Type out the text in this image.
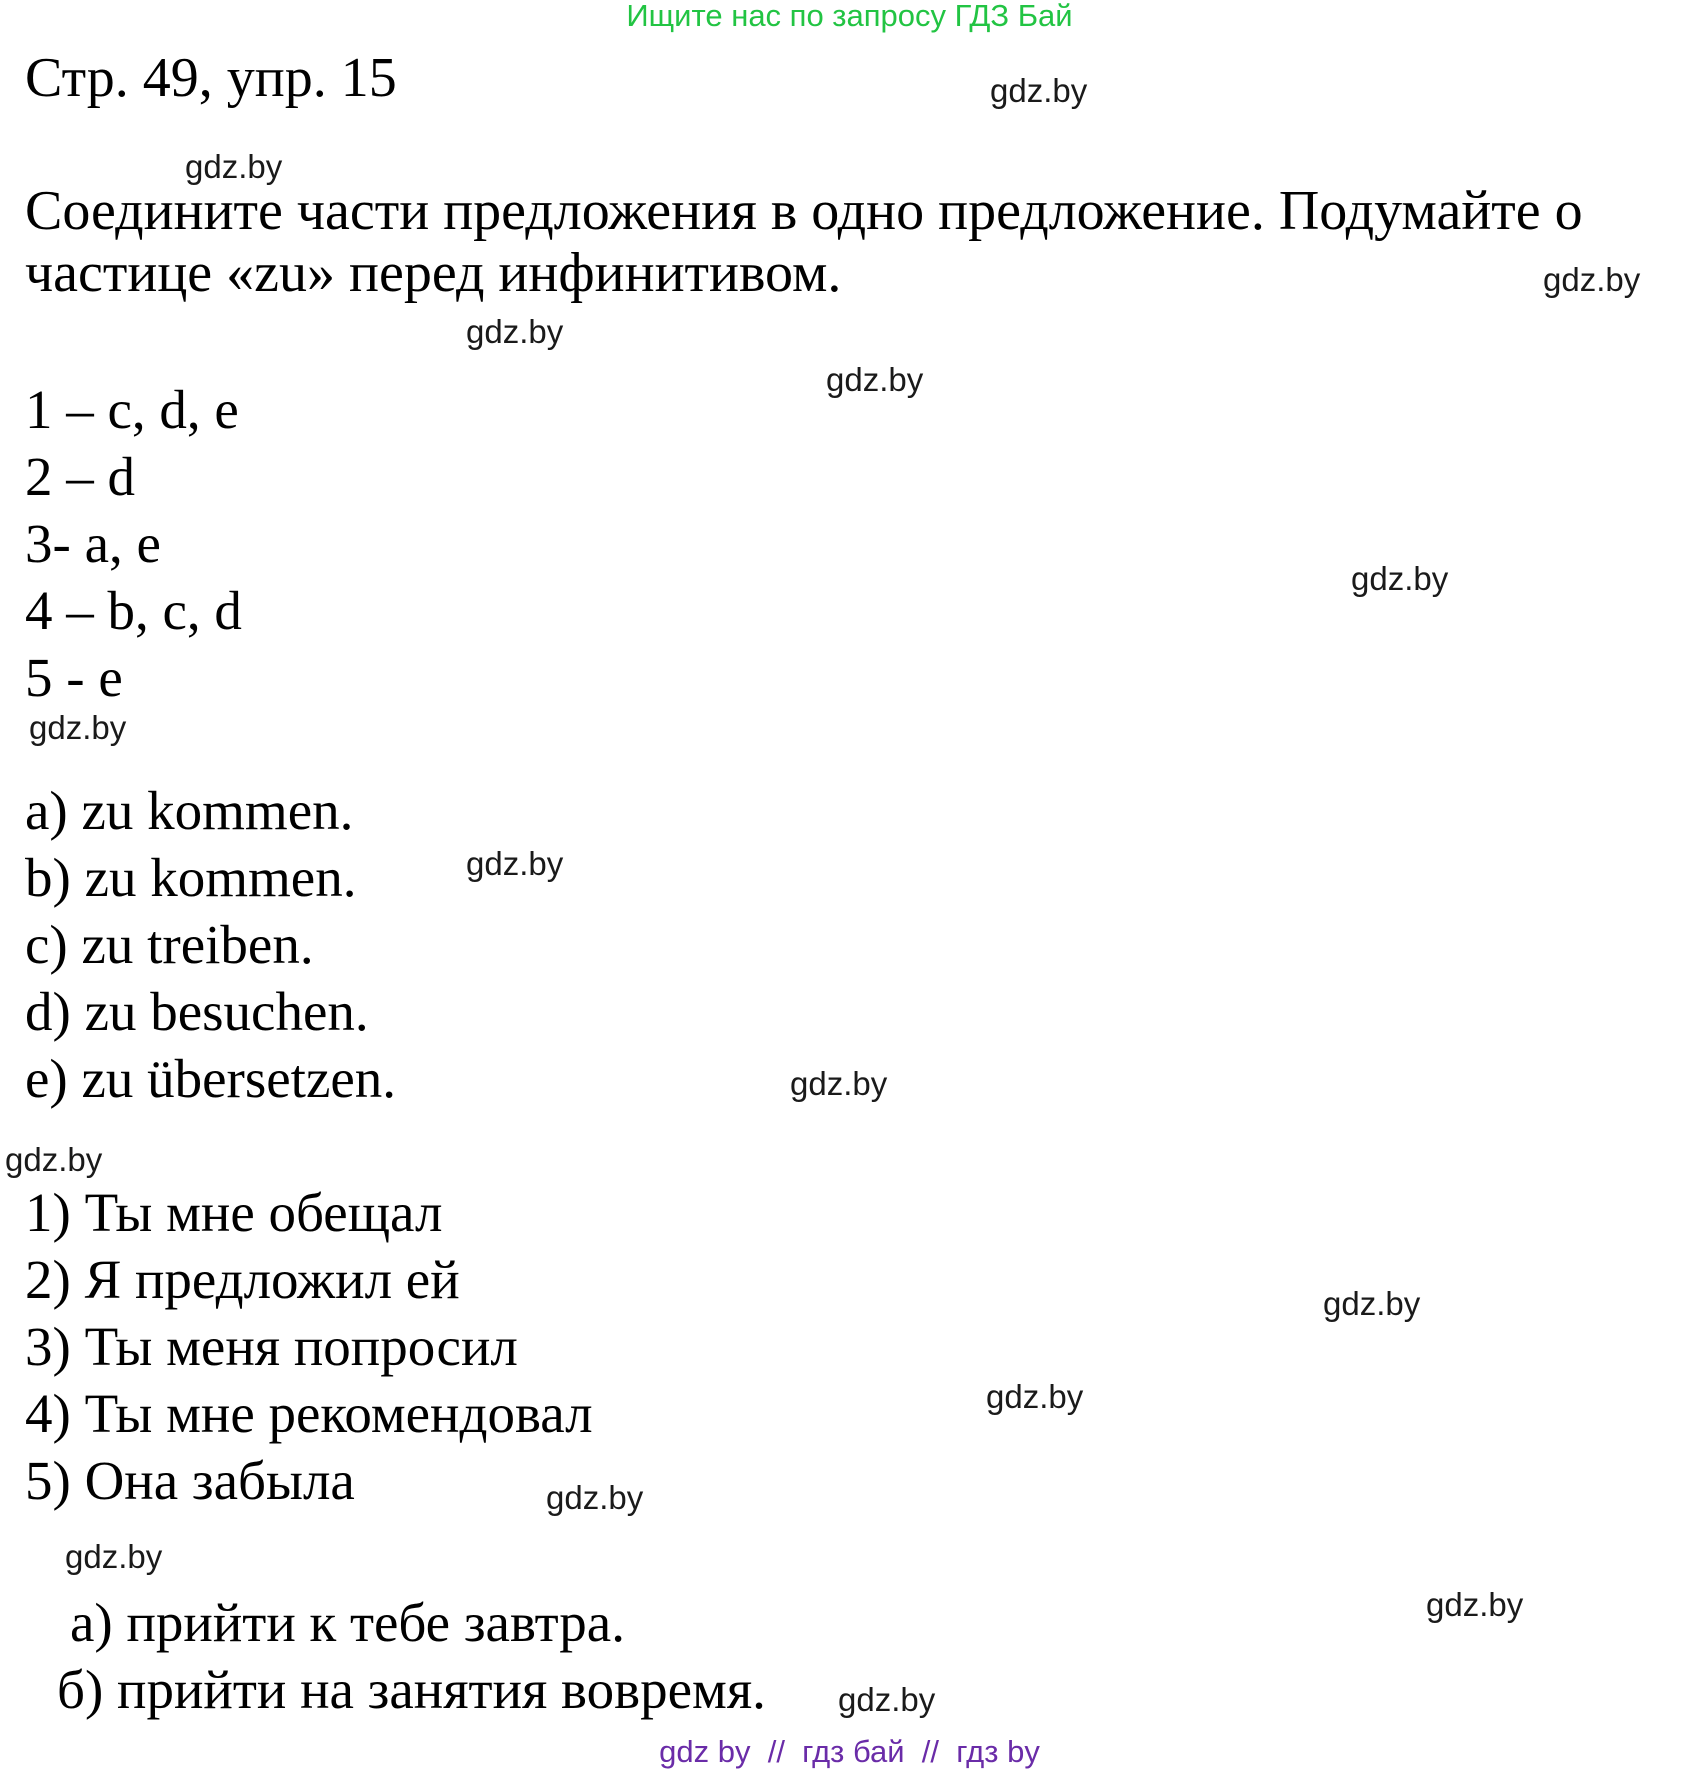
Ищите нас по запросу ГДЗ Бай
Стр. 49, упр. 15
Соедините части предложения в одно предложение. Подумайте о
частице «zu» перед инфинитивом.
1 – c, d, e
2 – d
3- a, e
4 – b, c, d
5 - e
a) zu kommen.
b) zu kommen.
c) zu treiben.
d) zu besuchen.
e) zu übersetzen.
1) Ты мне обещал
2) Я предложил ей
3) Ты меня попросил
4) Ты мне рекомендовал
5) Она забыла
а) прийти к тебе завтра.
б) прийти на занятия вовремя.
gdz.by
gdz.by
gdz.by
gdz.by
gdz.by
gdz.by
gdz.by
gdz.by
gdz.by
gdz.by
gdz.by
gdz.by
gdz.by
gdz.by
gdz.by
gdz.by
gdz by  //  гдз бай  //  гдз by
